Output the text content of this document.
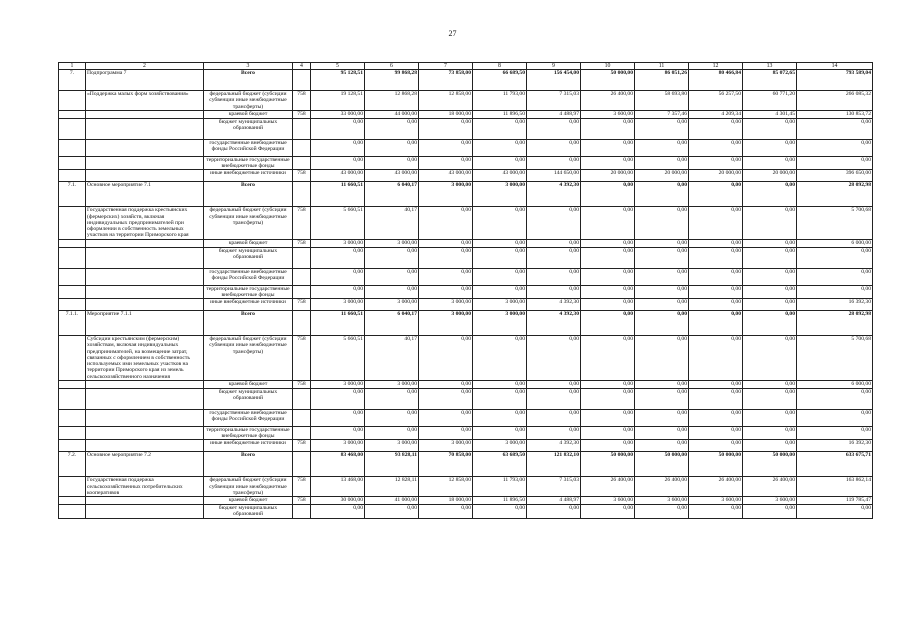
27
1	2	3	4	5	6	7	8	9	10	11	12	13	14
7.	Подпрограмма 7	Всего		95 128,51	99 868,28	73 858,00	66 689,50	156 454,00	50 000,00	86 051,26	80 466,84	85 072,65	793 589,04
	«Поддержка малых форм хозяйствования»	федеральный бюджет (субсидии субвенции иные межбюджетные трансферты)	758	19 128,51	12 868,28	12 858,00	11 793,00	7 315,03	26 400,00	58 693,80	56 257,50	60 771,20	266 085,32
		краевой бюджет	758	33 000,00	44 000,00	18 000,00	11 896,50	4 488,97	3 600,00	7 357,46	4 209,34	4 301,45	130 853,72
		бюджет муниципальных образований		0,00	0,00	0,00	0,00	0,00	0,00	0,00	0,00	0,00	0,00
		государственные внебюджетные фонды Российской Федерации		0,00	0,00	0,00	0,00	0,00	0,00	0,00	0,00	0,00	0,00
		территориальные государственные внебюджетные фонды		0,00	0,00	0,00	0,00	0,00	0,00	0,00	0,00	0,00	0,00
		иные внебюджетные источники	758	43 000,00	43 000,00	43 000,00	43 000,00	144 650,00	20 000,00	20 000,00	20 000,00	20 000,00	396 650,00
7.1.	Основное мероприятие 7.1	Всего		11 660,51	6 040,17	3 000,00	3 000,00	4 392,30	0,00	0,00	0,00	0,00	28 092,98
	Государственная поддержка крестьянских (фермерских) хозяйств, включая индивидуальных предпринимателей при оформлении в собственность земельных участков на территории Приморского края	федеральный бюджет (субсидии субвенции иные межбюджетные трансферты)	758	5 660,51	40,17	0,00	0,00	0,00	0,00	0,00	0,00	0,00	5 700,68
		краевой бюджет	758	3 000,00	3 000,00	0,00	0,00	0,00	0,00	0,00	0,00	0,00	6 000,00
		бюджет муниципальных образований		0,00	0,00	0,00	0,00	0,00	0,00	0,00	0,00	0,00	0,00
		государственные внебюджетные фонды Российской Федерации		0,00	0,00	0,00	0,00	0,00	0,00	0,00	0,00	0,00	0,00
		территориальные государственные внебюджетные фонды		0,00	0,00	0,00	0,00	0,00	0,00	0,00	0,00	0,00	0,00
		иные внебюджетные источники	758	3 000,00	3 000,00	3 000,00	3 000,00	4 392,30	0,00	0,00	0,00	0,00	16 392,30
7.1.1.	Мероприятие 7.1.1	Всего		11 660,51	6 040,17	3 000,00	3 000,00	4 392,30	0,00	0,00	0,00	0,00	28 092,98
	Субсидии крестьянским (фермерским) хозяйствам, включая индивидуальных предпринимателей, на возмещение затрат, связанных с оформлением в собственность используемых ими земельных участков на территории Приморского края из земель сельскохозяйственного назначения	федеральный бюджет (субсидии субвенции иные межбюджетные трансферты)	758	5 660,51	40,17	0,00	0,00	0,00	0,00	0,00	0,00	0,00	5 700,68
		краевой бюджет	758	3 000,00	3 000,00	0,00	0,00	0,00	0,00	0,00	0,00	0,00	6 000,00
		бюджет муниципальных образований		0,00	0,00	0,00	0,00	0,00	0,00	0,00	0,00	0,00	0,00
		государственные внебюджетные фонды Российской Федерации		0,00	0,00	0,00	0,00	0,00	0,00	0,00	0,00	0,00	0,00
		территориальные государственные внебюджетные фонды		0,00	0,00	0,00	0,00	0,00	0,00	0,00	0,00	0,00	0,00
		иные внебюджетные источники	758	3 000,00	3 000,00	3 000,00	3 000,00	4 392,30	0,00	0,00	0,00	0,00	16 392,30
7.2.	Основное мероприятие 7.2	Всего		83 468,00	93 828,11	70 858,00	63 689,50	121 832,10	50 000,00	50 000,00	50 000,00	50 000,00	633 675,71
	Государственная поддержка сельскохозяйственных потребительских кооперативов	федеральный бюджет (субсидии субвенции иные межбюджетные трансферты)	758	13 468,00	12 828,11	12 858,00	11 793,00	7 315,03	26 400,00	26 400,00	26 400,00	26 400,00	163 862,14
		краевой бюджет	758	30 000,00	41 000,00	18 000,00	11 896,50	4 488,97	3 600,00	3 600,00	3 600,00	3 600,00	119 785,47
		бюджет муниципальных образований		0,00	0,00	0,00	0,00	0,00	0,00	0,00	0,00	0,00	0,00
